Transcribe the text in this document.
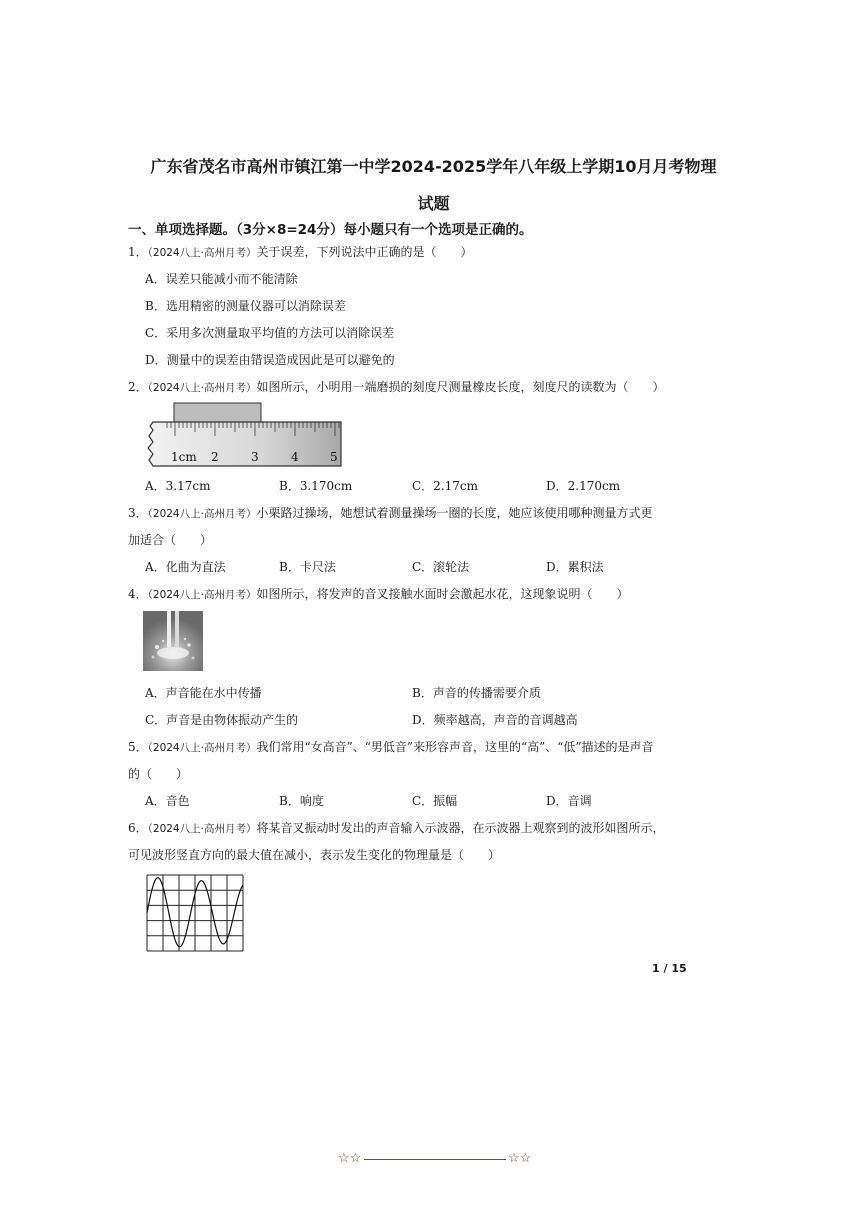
广东省茂名市高州市镇江第一中学2024-2025学年八年级上学期10月月考物理
试题
一、单项选择题。（3分×8=24分）每小题只有一个选项是正确的。
1．（2024八上·高州月考）关于误差，下列说法中正确的是（　　）
A．误差只能减小而不能清除
B．选用精密的测量仪器可以消除误差
C．采用多次测量取平均值的方法可以消除误差
D．测量中的误差由错误造成因此是可以避免的
2．（2024八上·高州月考）如图所示，小明用一端磨损的刻度尺测量橡皮长度，刻度尺的读数为（　　）
1cm 2	3	4	5
A．3.17cm	B．3.170cm	C．2.17cm	D．2.170cm
3．（2024八上·高州月考）小栗路过操场，她想试着测量操场一圈的长度，她应该使用哪种测量方式更
加适合（　　）
A．化曲为直法	B．卡尺法	C．滚轮法	D．累积法
4．（2024八上·高州月考）如图所示，将发声的音叉接触水面时会激起水花，这现象说明（　　）
A．声音能在水中传播	B．声音的传播需要介质
C．声音是由物体振动产生的	D．频率越高，声音的音调越高
5．（2024八上·高州月考）我们常用“女高音”、“男低音”来形容声音，这里的“高”、“低”描述的是声音
的（　　）
A．音色	B．响度	C．振幅	D．音调
6．（2024八上·高州月考）将某音叉振动时发出的声音输入示波器，在示波器上观察到的波形如图所示，
可见波形竖直方向的最大值在减小，表示发生变化的物理量是（　　）
1 / 15
☆☆	☆☆
